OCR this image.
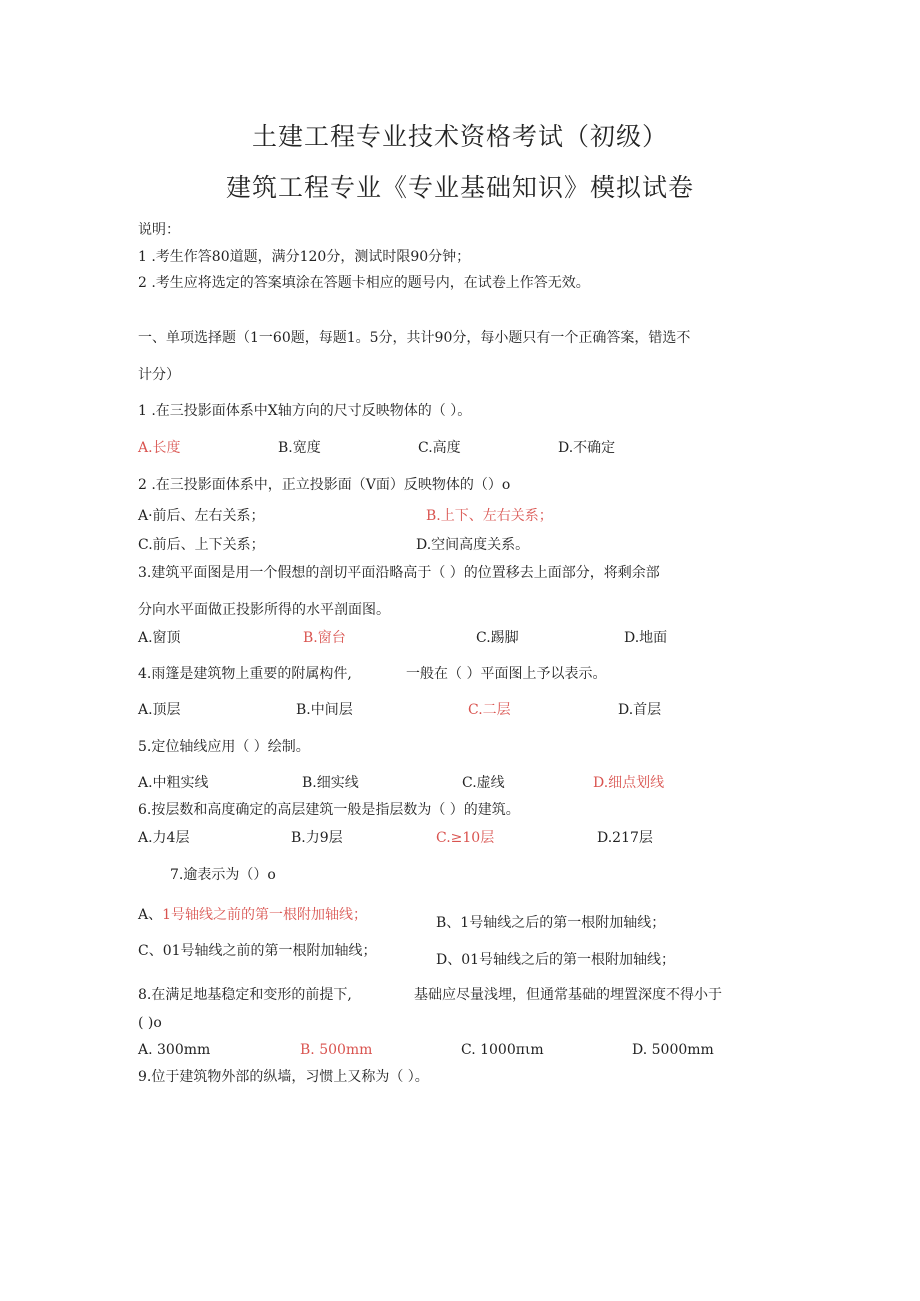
土建工程专业技术资格考试（初级）
建筑工程专业《专业基础知识》模拟试卷
说明：
1 .考生作答80道题，满分120分，测试时限90分钟；
2 .考生应将选定的答案填涂在答题卡相应的题号内，在试卷上作答无效。
一、单项选择题（1一60题，每题1。5分，共计90分，每小题只有一个正确答案，错选不
计分）
1 .在三投影面体系中X轴方向的尺寸反映物体的（ ）。
A.长度	B.宽度	C.高度	D.不确定
2 .在三投影面体系中，正立投影面（V面）反映物体的（）o
A·前后、左右关系；	B.上下、左右关系；
C.前后、上下关系；	D.空间高度关系。
3.建筑平面图是用一个假想的剖切平面沿略高于（ ）的位置移去上面部分，将剩余部
分向水平面做正投影所得的水平剖面图。
A.窗顶	B.窗台	C.踢脚	D.地面
4.雨篷是建筑物上重要的附属构件,	一般在（ ）平面图上予以表示。
A.顶层	B.中间层	C.二层	D.首层
5.定位轴线应用（ ）绘制。
A.中粗实线	B.细实线	C.虚线	D.细点划线
6.按层数和高度确定的高层建筑一般是指层数为（ ）的建筑。
A.力4层	B.力9层	C.≥10层	D.217层
7.逾表示为（）o
A、1号轴线之前的第一根附加轴线；	B、1号轴线之后的第一根附加轴线；
C、01号轴线之前的第一根附加轴线；
D、01号轴线之后的第一根附加轴线；
8.在满足地基稳定和变形的前提下,	基础应尽量浅埋，但通常基础的埋置深度不得小于
( )o
A. 300mm	B. 500mm	C. 1000πιm	D. 5000mm
9.位于建筑物外部的纵墙，习惯上又称为（ ）。
